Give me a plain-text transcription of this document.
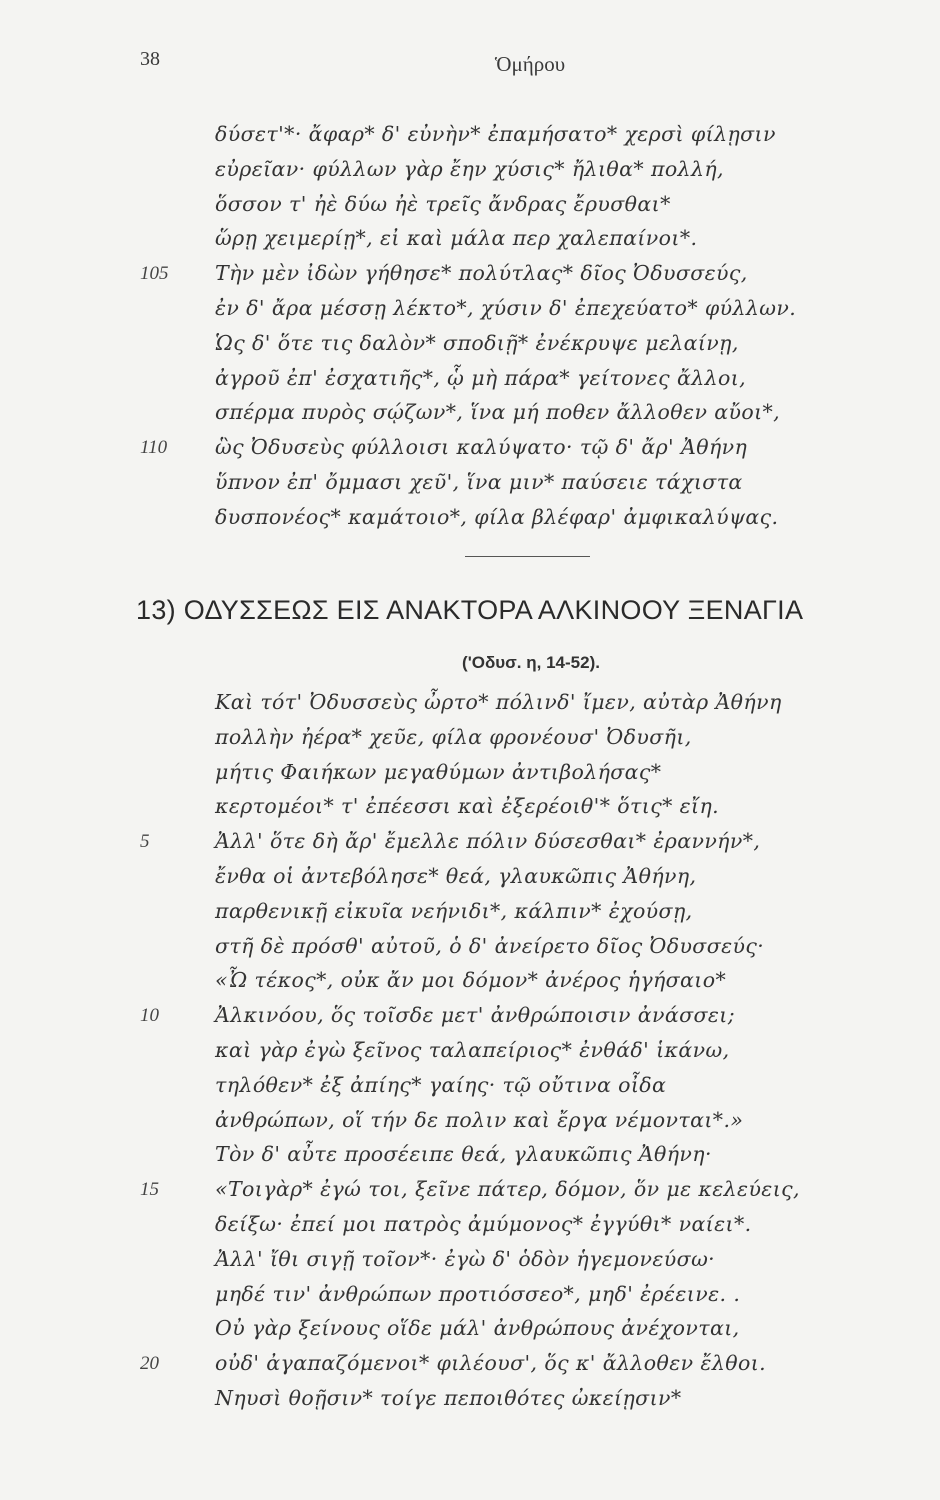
38	Ὁμήρου
δύσετ'*· ἄφαρ* δ' εὐνὴν* ἐπαμήσατο* χερσὶ φίλῃσιν
εὐρεῖαν· φύλλων γὰρ ἔην χύσις* ἤλιθα* πολλή,
ὅσσον τ' ἠὲ δύω ἠὲ τρεῖς ἄνδρας ἔρυσθαι*
ὥρῃ χειμερίῃ*, εἰ καὶ μάλα περ χαλεπαίνοι*.
105	Τὴν μὲν ἰδὼν γήθησε* πολύτλας* δῖος Ὀδυσσεύς,
ἐν δ' ἄρα μέσσῃ λέκτο*, χύσιν δ' ἐπεχεύατο* φύλλων.
Ὡς δ' ὅτε τις δαλὸν* σποδιῇ* ἐνέκρυψε μελαίνῃ,
ἀγροῦ ἐπ' ἐσχατιῆς*, ᾧ μὴ πάρα* γείτονες ἄλλοι,
σπέρμα πυρὸς σῴζων*, ἵνα μή ποθεν ἄλλοθεν αὔοι*,
110	ὣς Ὀδυσεὺς φύλλοισι καλύψατο· τῷ δ' ἄρ' Ἀθήνη
ὕπνον ἐπ' ὄμμασι χεῦ', ἵνα μιν* παύσειε τάχιστα
δυσπονέος* καμάτοιο*, φίλα βλέφαρ' ἀμφικαλύψας.
13) ΟΔΥΣΣΕΩΣ ΕΙΣ ΑΝΑΚΤΟΡΑ ΑΛΚΙΝΟΟΥ ΞΕΝΑΓΙΑ
('Οδυσ. η, 14-52).
Καὶ τότ' Ὀδυσσεὺς ὦρτο* πόλινδ' ἴμεν, αὐτὰρ Ἀθήνη
πολλὴν ἠέρα* χεῦε, φίλα φρονέουσ' Ὀδυσῆι,
μήτις Φαιήκων μεγαθύμων ἀντιβολήσας*
κερτομέοι* τ' ἐπέεσσι καὶ ἐξερέοιθ'* ὅτις* εἴη.
5	Ἀλλ' ὅτε δὴ ἄρ' ἔμελλε πόλιν δύσεσθαι* ἐραννήν*,
ἔνθα οἱ ἀντεβόλησε* θεά, γλαυκῶπις Ἀθήνη,
παρθενικῇ εἰκυῖα νεήνιδι*, κάλπιν* ἐχούσῃ,
στῆ δὲ πρόσθ' αὐτοῦ, ὁ δ' ἀνείρετο δῖος Ὀδυσσεύς·
«Ὦ τέκος*, οὐκ ἄν μοι δόμον* ἀνέρος ἡγήσαιο*
10	Ἀλκινόου, ὅς τοῖσδε μετ' ἀνθρώποισιν ἀνάσσει;
καὶ γὰρ ἐγὼ ξεῖνος ταλαπείριος* ἐνθάδ' ἱκάνω,
τηλόθεν* ἐξ ἀπίης* γαίης· τῷ οὔτινα οἶδα
ἀνθρώπων, οἵ τήν δε πολιν καὶ ἔργα νέμονται*.»
Τὸν δ' αὖτε προσέειπε θεά, γλαυκῶπις Ἀθήνη·
15	«Τοιγὰρ* ἐγώ τοι, ξεῖνε πάτερ, δόμον, ὅν με κελεύεις,
δείξω· ἐπεί μοι πατρὸς ἀμύμονος* ἐγγύθι* ναίει*.
Ἀλλ' ἴθι σιγῇ τοῖον*· ἐγὼ δ' ὁδὸν ἡγεμονεύσω·
μηδέ τιν' ἀνθρώπων προτιόσσεο*, μηδ' ἐρέεινε. .
Οὐ γὰρ ξείνους οἵδε μάλ' ἀνθρώπους ἀνέχονται,
20	οὐδ' ἀγαπαζόμενοι* φιλέουσ', ὅς κ' ἄλλοθεν ἔλθοι.
Νηυσὶ θοῇσιν* τοίγε πεποιθότες ὠκείῃσιν*
